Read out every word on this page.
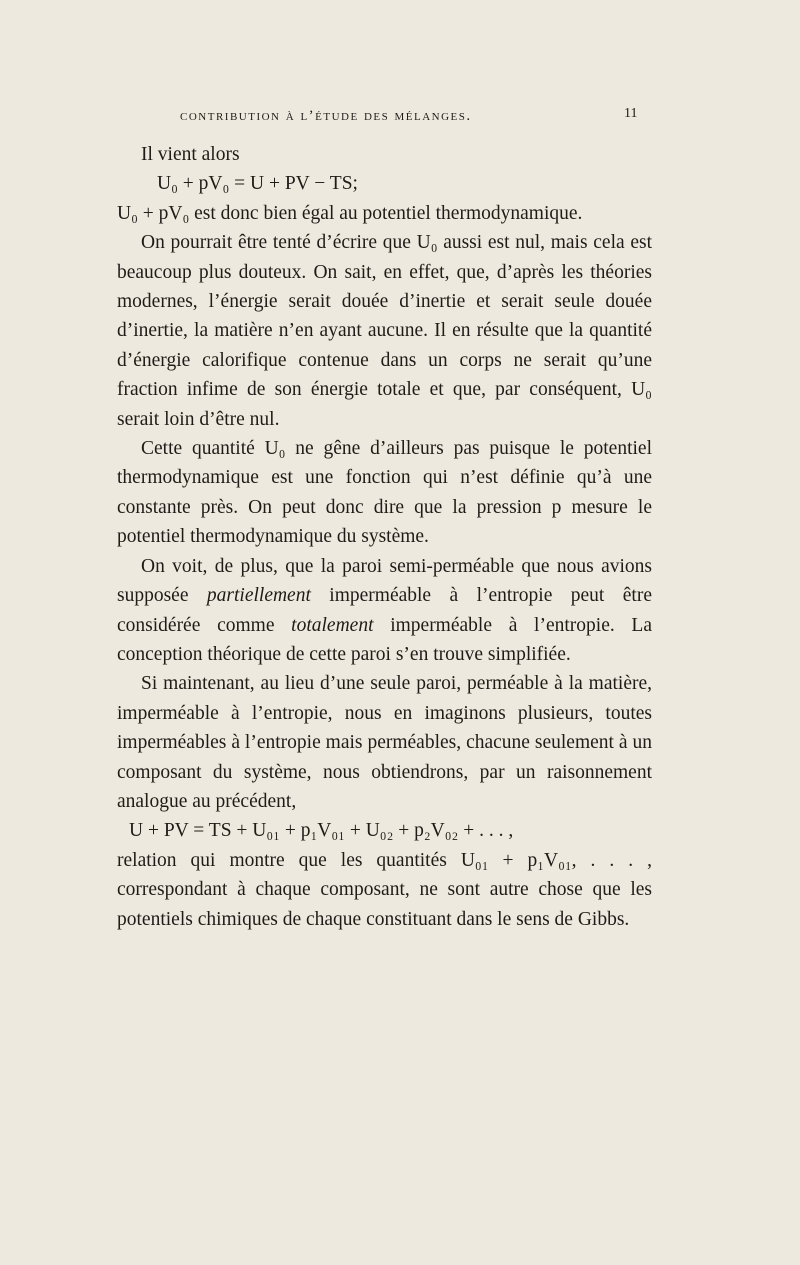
contribution à l’étude des mélanges.	11

Il vient alors

U₀ + pV₀ = U + PV − TS;

U₀ + pV₀ est donc bien égal au potentiel thermodynamique.

On pourrait être tenté d’écrire que U₀ aussi est nul, mais cela est beaucoup plus douteux. On sait, en effet, que, d’après les théories modernes, l’énergie serait douée d’inertie et serait seule douée d’inertie, la matière n’en ayant aucune. Il en résulte que la quantité d’énergie calorifique contenue dans un corps ne serait qu’une fraction infime de son énergie totale et que, par conséquent, U₀ serait loin d’être nul.

Cette quantité U₀ ne gêne d’ailleurs pas puisque le potentiel thermodynamique est une fonction qui n’est définie qu’à une constante près. On peut donc dire que la pression p mesure le potentiel thermodynamique du système.

On voit, de plus, que la paroi semi-perméable que nous avions supposée partiellement imperméable à l’entropie peut être considérée comme totalement imperméable à l’entropie. La conception théorique de cette paroi s’en trouve simplifiée.

Si maintenant, au lieu d’une seule paroi, perméable à la matière, imperméable à l’entropie, nous en imaginons plusieurs, toutes imperméables à l’entropie mais perméables, chacune seulement à un composant du système, nous obtiendrons, par un raisonnement analogue au précédent,

U + PV = TS + U₀₁ + p₁V₀₁ + U₀₂ + p₂V₀₂ + . . . ,

relation qui montre que les quantités U₀₁ + p₁V₀₁, . . . , correspondant à chaque composant, ne sont autre chose que les potentiels chimiques de chaque constituant dans le sens de Gibbs.
